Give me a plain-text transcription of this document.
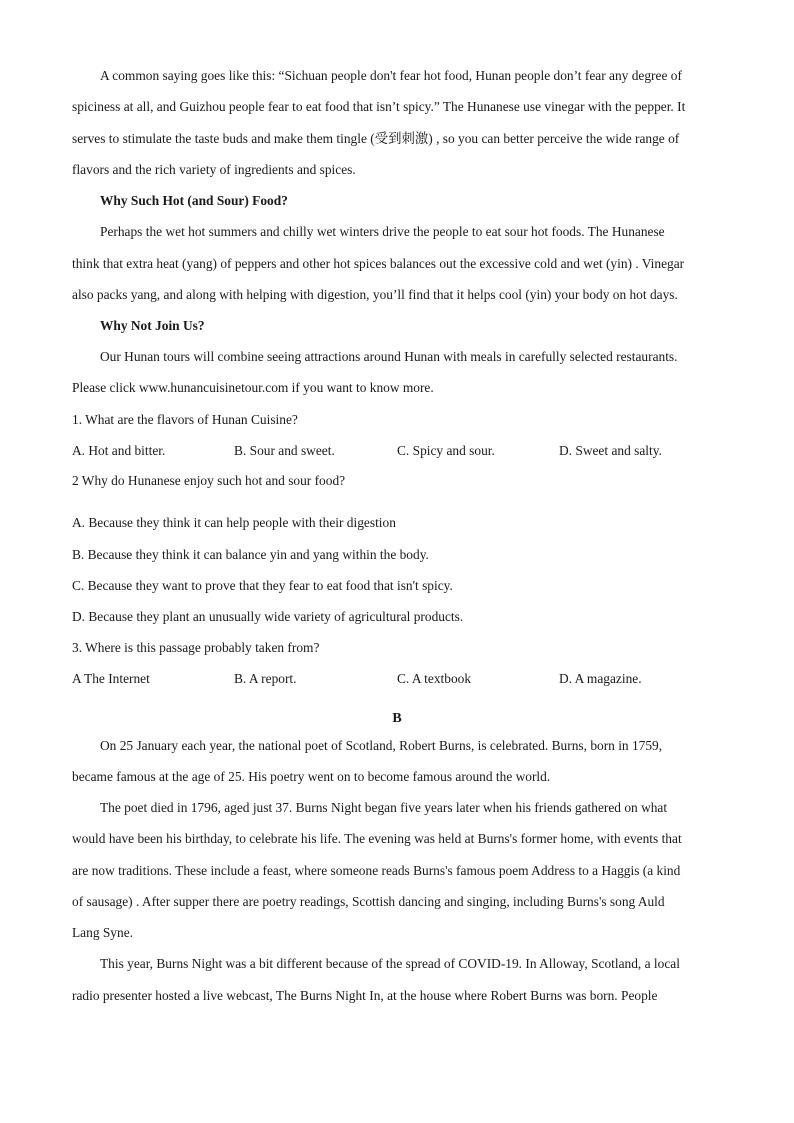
A common saying goes like this: “Sichuan people don't fear hot food, Hunan people don’t fear any degree of
spiciness at all, and Guizhou people fear to eat food that isn’t spicy.” The Hunanese use vinegar with the pepper. It
serves to stimulate the taste buds and make them tingle (受到刺激) , so you can better perceive the wide range of
flavors and the rich variety of ingredients and spices.
Why Such Hot (and Sour) Food?
Perhaps the wet hot summers and chilly wet winters drive the people to eat sour hot foods. The Hunanese
think that extra heat (yang) of peppers and other hot spices balances out the excessive cold and wet (yin) . Vinegar
also packs yang, and along with helping with digestion, you’ll find that it helps cool (yin) your body on hot days.
Why Not Join Us?
Our Hunan tours will combine seeing attractions around Hunan with meals in carefully selected restaurants.
Please click www.hunancuisinetour.com if you want to know more.
1. What are the flavors of Hunan Cuisine?
A. Hot and bitter.	B. Sour and sweet.	C. Spicy and sour.	D. Sweet and salty.
2 Why do Hunanese enjoy such hot and sour food?
A. Because they think it can help people with their digestion
B. Because they think it can balance yin and yang within the body.
C. Because they want to prove that they fear to eat food that isn't spicy.
D. Because they plant an unusually wide variety of agricultural products.
3. Where is this passage probably taken from?
A The Internet	B. A report.	C. A textbook	D. A magazine.
B
On 25 January each year, the national poet of Scotland, Robert Burns, is celebrated. Burns, born in 1759,
became famous at the age of 25. His poetry went on to become famous around the world.
The poet died in 1796, aged just 37. Burns Night began five years later when his friends gathered on what
would have been his birthday, to celebrate his life. The evening was held at Burns's former home, with events that
are now traditions. These include a feast, where someone reads Burns's famous poem Address to a Haggis (a kind
of sausage) . After supper there are poetry readings, Scottish dancing and singing, including Burns's song Auld
Lang Syne.
This year, Burns Night was a bit different because of the spread of COVID-19. In Alloway, Scotland, a local
radio presenter hosted a live webcast, The Burns Night In, at the house where Robert Burns was born. People
